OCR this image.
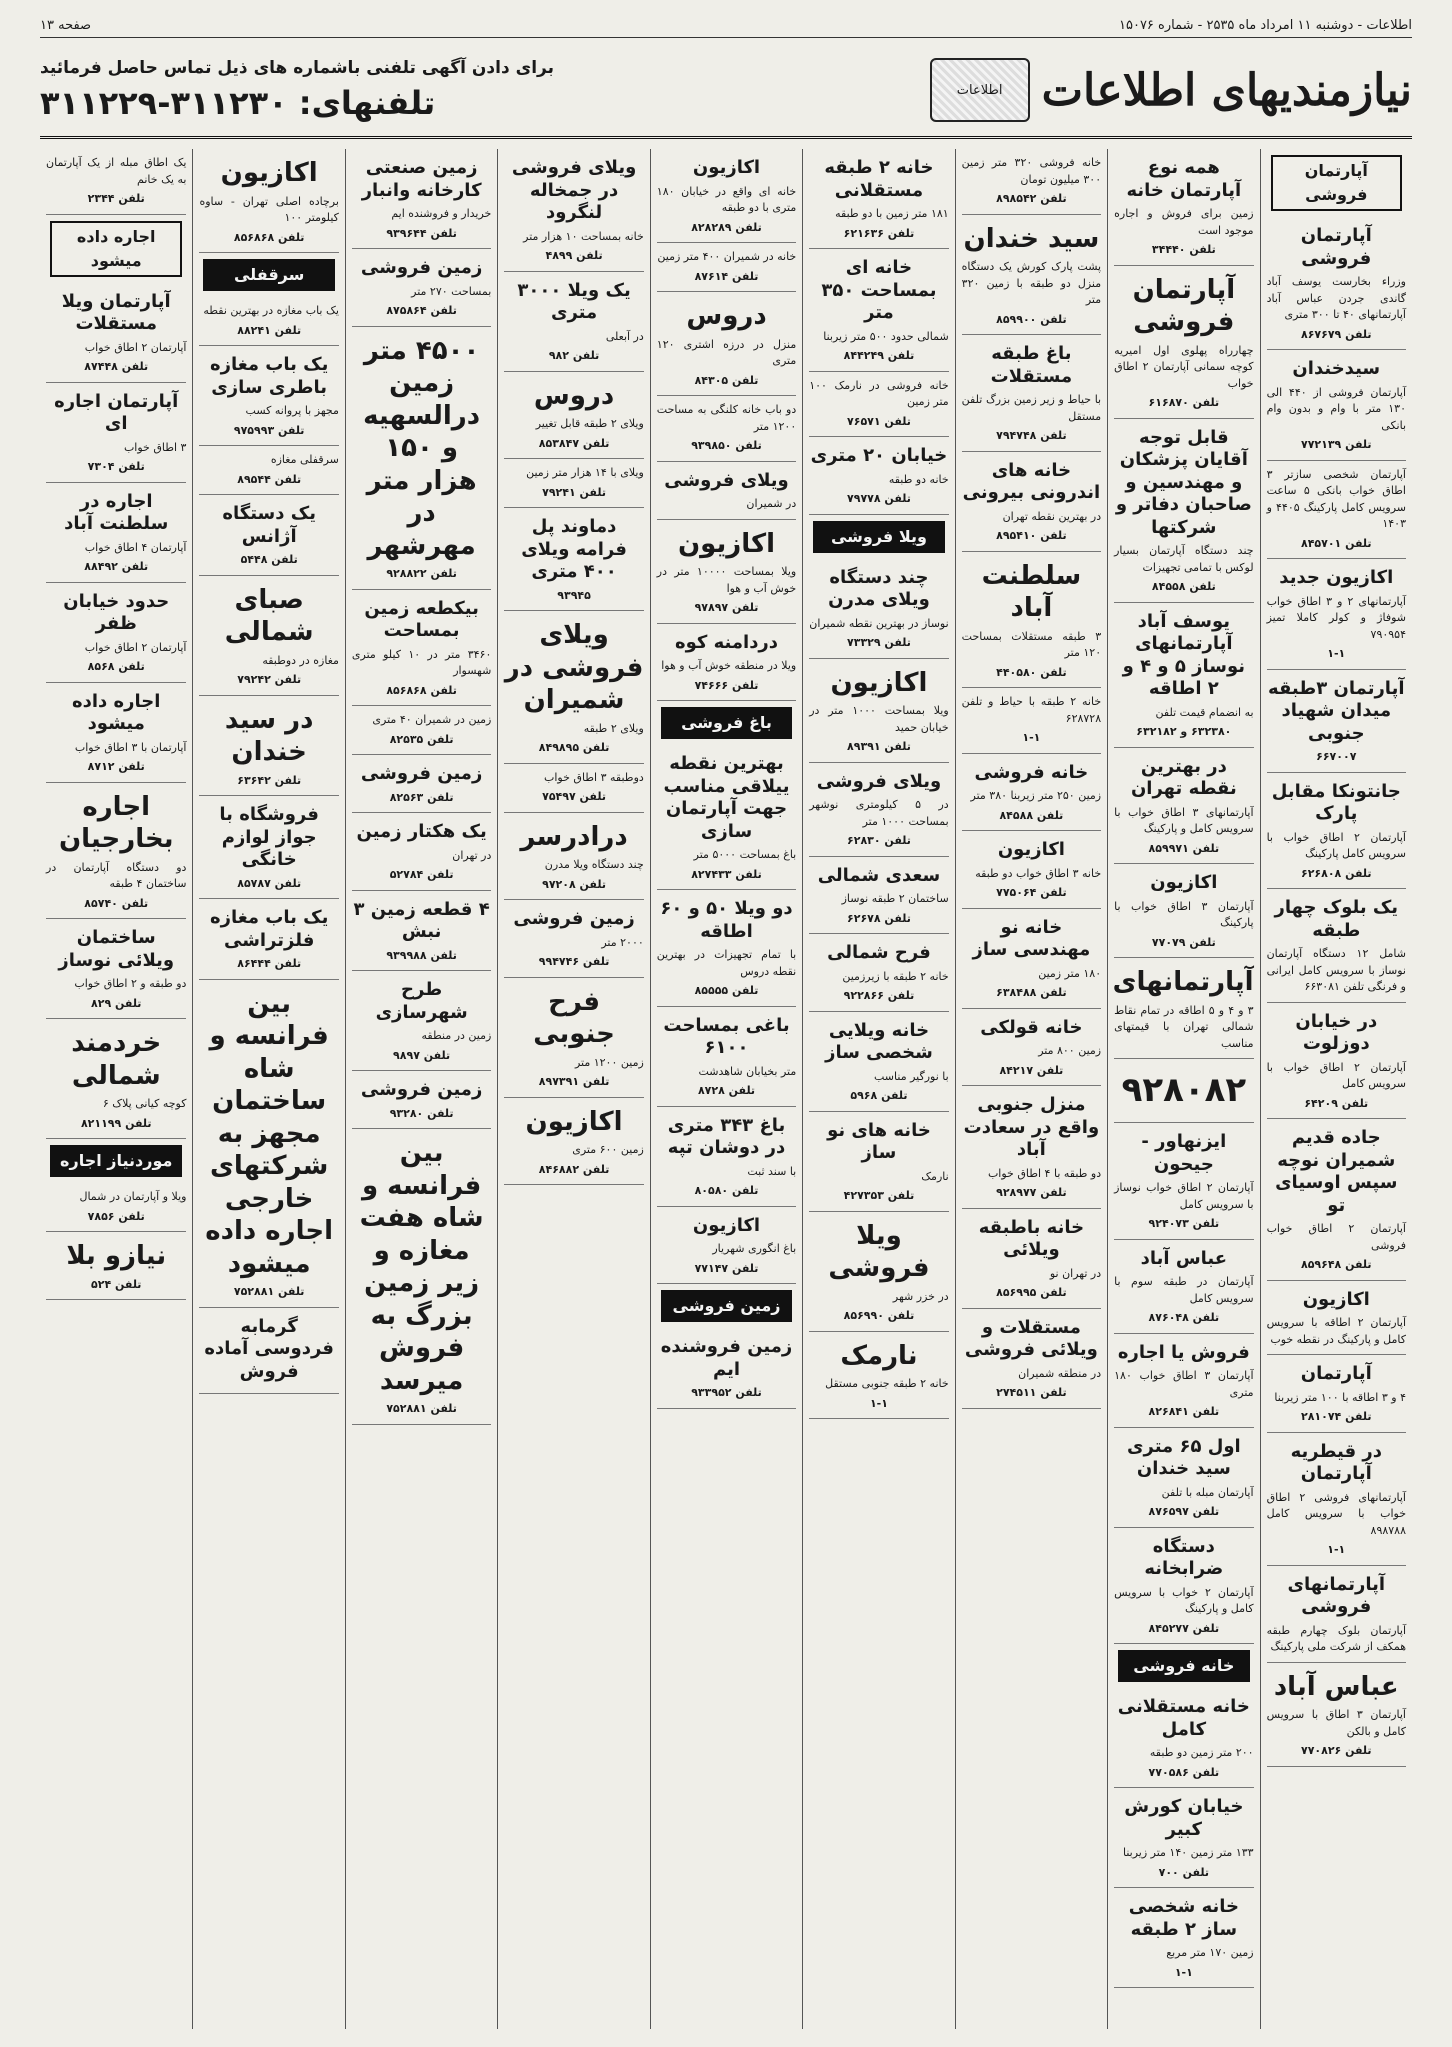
اطلاعات - دوشنبه ۱۱ امرداد ماه ۲۵۳۵ - شماره ۱۵۰۷۶
صفحه ۱۳
نیازمندیهای اطلاعات
اطلاعات
برای دادن آگهی تلفنی باشماره های ذیل تماس حاصل فرمائید
تلفنهای: ۳۱۱۲۳۰-۳۱۱۲۲۹
آپارتمان فروشی
آپارتمان فروشی
وزراء بخارست یوسف آباد گاندی جردن عباس آباد آپارتمانهای ۴۰ تا ۳۰۰ متری
تلفن ۸۶۷۶۷۹
سیدخندان
آپارتمان فروشی از ۴۴۰ الی ۱۳۰ متر با وام و بدون وام بانکی
تلفن ۷۷۲۱۳۹
آپارتمان شخصی سازتر ۳ اطاق خواب بانکی ۵ ساعت سرویس کامل پارکینگ ۴۴۰۵ و ۱۴۰۳
تلفن ۸۴۵۷۰۱
اکازیون جدید
آپارتمانهای ۲ و ۳ اطاق خواب شوفاژ و کولر کاملا تمیز ۷۹۰۹۵۴
۱-۱
آپارتمان ۳طبقه میدان شهیاد جنوبی
۶۶۷۰۰۷
جانتونکا مقابل پارک
آپارتمان ۲ اطاق خواب با سرویس کامل پارکینگ
تلفن ۶۲۶۸۰۸
یک بلوک چهار طبقه
شامل ۱۲ دستگاه آپارتمان نوساز با سرویس کامل ایرانی و فرنگی تلفن ۶۶۳۰۸۱
در خیابان دوزلوت
آپارتمان ۲ اطاق خواب با سرویس کامل
تلفن ۶۴۲۰۹
جاده قدیم شمیران نوچه سپس اوسیای تو
آپارتمان ۲ اطاق خواب فروشی
تلفن ۸۵۹۶۴۸
اکازیون
آپارتمان ۲ اطاقه با سرویس کامل و پارکینگ در نقطه خوب
آپارتمان
۴ و ۳ اطاقه با ۱۰۰ متر زیربنا
تلفن ۲۸۱۰۷۴
در قیطریه آپارتمان
آپارتمانهای فروشی ۲ اطاق خواب با سرویس کامل ۸۹۸۷۸۸
۱-۱
آپارتمانهای فروشی
آپارتمان بلوک چهارم طبقه همکف از شرکت ملی پارکینگ
عباس آباد
آپارتمان ۳ اطاق با سرویس کامل و بالکن
تلفن ۷۷۰۸۲۶
همه نوع آپارتمان خانه
زمین برای فروش و اجاره موجود است
تلفن ۳۴۴۴۰
آپارتمان فروشی
چهارراه پهلوی اول امیریه کوچه سمانی آپارتمان ۲ اطاق خواب
تلفن ۶۱۶۸۷۰
قابل توجه آقایان پزشکان و مهندسین و صاحبان دفاتر و شرکتها
چند دستگاه آپارتمان بسیار لوکس با تمامی تجهیزات
تلفن ۸۴۵۵۸
یوسف آباد آپارتمانهای نوساز ۵ و ۴ و ۲ اطاقه
به انضمام قیمت تلفن
۶۳۲۳۸۰ و ۶۳۲۱۸۲
در بهترین نقطه تهران
آپارتمانهای ۳ اطاق خواب با سرویس کامل و پارکینگ
تلفن ۸۵۹۹۷۱
اکازیون
آپارتمان ۳ اطاق خواب با پارکینگ
تلفن ۷۷۰۷۹
آپارتمانهای
۳ و ۴ و ۵ اطاقه در تمام نقاط شمالی تهران با قیمتهای مناسب
۹۲۸۰۸۲
ایزنهاور - جیحون
آپارتمان ۲ اطاق خواب نوساز با سرویس کامل
تلفن ۹۲۴۰۷۳
عباس آباد
آپارتمان در طبقه سوم با سرویس کامل
تلفن ۸۷۶۰۴۸
فروش یا اجاره
آپارتمان ۳ اطاق خواب ۱۸۰ متری
تلفن ۸۲۶۸۴۱
اول ۶۵ متری سید خندان
آپارتمان مبله با تلفن
تلفن ۸۷۶۵۹۷
دستگاه ضرابخانه
آپارتمان ۲ خواب با سرویس کامل و پارکینگ
تلفن ۸۴۵۲۷۷
خانه فروشی
خانه مستقلانی کامل
۲۰۰ متر زمین دو طبقه
تلفن ۷۷۰۵۸۶
خیابان کورش کبیر
۱۳۳ متر زمین ۱۴۰ متر زیربنا
تلفن ۷۰۰
خانه شخصی ساز ۲ طبقه
زمین ۱۷۰ متر مربع
۱-۱
خانه فروشی ۳۲۰ متر زمین ۳۰۰ میلیون تومان
تلفن ۸۹۸۵۴۲
سید خندان
پشت پارک کورش یک دستگاه منزل دو طبقه با زمین ۳۲۰ متر
تلفن ۸۵۹۹۰۰
باغ طبقه مستقلات
با حیاط و زیر زمین بزرگ تلفن مستقل
تلفن ۷۹۴۷۴۸
خانه های اندرونی بیرونی
در بهترین نقطه تهران
تلفن ۸۹۵۴۱۰
سلطنت آباد
۳ طبقه مستقلات بمساحت ۱۲۰ متر
تلفن ۴۴۰۵۸۰
خانه ۲ طبقه با حیاط و تلفن ۶۲۸۷۲۸
۱-۱
خانه فروشی
زمین ۲۵۰ متر زیربنا ۳۸۰ متر
تلفن ۸۴۵۸۸
اکازیون
خانه ۳ اطاق خواب دو طبقه
تلفن ۷۷۵۰۶۴
خانه نو مهندسی ساز
۱۸۰ متر زمین
تلفن ۶۳۸۴۸۸
خانه قولکی
زمین ۸۰۰ متر
تلفن ۸۴۲۱۷
منزل جنوبی واقع در سعادت آباد
دو طبقه با ۴ اطاق خواب
تلفن ۹۲۸۹۷۷
خانه باطبقه ویلائی
در تهران نو
تلفن ۸۵۶۹۹۵
مستقلات و ویلائی فروشی
در منطقه شمیران
تلفن ۲۷۴۵۱۱
خانه ۲ طبقه مستقلانی
۱۸۱ متر زمین با دو طبقه
تلفن ۶۲۱۶۳۶
خانه ای بمساحت ۳۵۰ متر
شمالی حدود ۵۰۰ متر زیربنا
تلفن ۸۴۴۲۴۹
خانه فروشی در نارمک ۱۰۰ متر زمین
تلفن ۷۶۵۷۱
خیابان ۲۰ متری
خانه دو طبقه
تلفن ۷۹۷۷۸
ویلا فروشی
چند دستگاه ویلای مدرن
نوساز در بهترین نقطه شمیران
تلفن ۷۳۳۲۹
اکازیون
ویلا بمساحت ۱۰۰۰ متر در خیابان حمید
تلفن ۸۹۳۹۱
ویلای فروشی
در ۵ کیلومتری نوشهر بمساحت ۱۰۰۰ متر
تلفن ۶۲۸۳۰
سعدی شمالی
ساختمان ۲ طبقه نوساز
تلفن ۶۲۶۷۸
فرح شمالی
خانه ۲ طبقه با زیرزمین
تلفن ۹۲۲۸۶۶
خانه ویلایی شخصی ساز
با نورگیر مناسب
تلفن ۵۹۶۸
خانه های نو ساز
نارمک
تلفن ۴۲۷۳۵۳
ویلا فروشی
در خزر شهر
تلفن ۸۵۶۹۹۰
نارمک
خانه ۲ طبقه جنوبی مستقل
۱-۱
اکازیون
خانه ای واقع در خیابان ۱۸۰ متری با دو طبقه
تلفن ۸۲۸۲۸۹
خانه در شمیران ۴۰۰ متر زمین
تلفن ۸۷۶۱۴
دروس
منزل در درزه اشتری ۱۲۰ متری
تلفن ۸۴۳۰۵
دو باب خانه کلنگی به مساحت ۱۲۰۰ متر
تلفن ۹۳۹۸۵۰
ویلای فروشی
در شمیران
اکازیون
ویلا بمساحت ۱۰۰۰۰ متر در خوش آب و هوا
تلفن ۹۷۸۹۷
دردامنه کوه
ویلا در منطقه خوش آب و هوا
تلفن ۷۴۶۶۶
باغ فروشی
بهترین نقطه ییلاقی مناسب جهت آپارتمان سازی
باغ بمساحت ۵۰۰۰ متر
تلفن ۸۲۷۴۳۳
دو ویلا ۵۰ و ۶۰ اطاقه
با تمام تجهیزات در بهترین نقطه دروس
تلفن ۸۵۵۵۵
باغی بمساحت ۶۱۰۰
متر بخیابان شاهدشت
تلفن ۸۷۲۸
باغ ۳۴۳ متری در دوشان تپه
با سند ثبت
تلفن ۸۰۵۸۰
اکازیون
باغ انگوری شهریار
تلفن ۷۷۱۴۷
زمین فروشی
زمین فروشنده ایم
تلفن ۹۳۳۹۵۲
ویلای فروشی در جمخاله لنگرود
خانه بمساحت ۱۰ هزار متر
تلفن ۴۸۹۹
یک ویلا ۳۰۰۰ متری
در آبعلی
تلفن ۹۸۲
دروس
ویلای ۲ طبقه قابل تغییر
تلفن ۸۵۳۸۴۷
ویلای با ۱۴ هزار متر زمین
تلفن ۷۹۲۴۱
دماوند پل فرامه ویلای ۴۰۰ متری
۹۳۹۴۵
ویلای فروشی در شمیران
ویلای ۲ طبقه
تلفن ۸۴۹۸۹۵
دوطبقه ۳ اطاق خواب
تلفن ۷۵۴۹۷
درادرسر
چند دستگاه ویلا مدرن
تلفن ۹۷۲۰۸
زمین فروشی
۲۰۰۰ متر
تلفن ۹۹۴۷۴۶
فرح جنوبی
زمین ۱۲۰۰ متر
تلفن ۸۹۷۳۹۱
اکازیون
زمین ۶۰۰ متری
تلفن ۸۴۶۸۸۲
زمین صنعتی کارخانه وانبار
خریدار و فروشنده ایم
تلفن ۹۳۹۶۴۴
زمین فروشی
بمساحت ۲۷۰ متر
تلفن ۸۷۵۸۶۴
۴۵۰۰ متر زمین درالسهیه و ۱۵۰ هزار متر در مهرشهر
تلفن ۹۲۸۸۲۲
بیکطعه زمین بمساحت
۳۴۶۰ متر در ۱۰ کیلو متری شهسوار
تلفن ۸۵۶۸۶۸
زمین در شمیران ۴۰ متری
تلفن ۸۲۵۳۵
زمین فروشی
تلفن ۸۲۵۶۳
یک هکتار زمین
در تهران
تلفن ۵۲۷۸۴
۴ قطعه زمین ۳ نبش
تلفن ۹۳۹۹۸۸
طرح شهرسازی
زمین در منطقه
تلفن ۹۸۹۷
زمین فروشی
تلفن ۹۳۲۸۰
بین فرانسه و شاه هفت مغازه و زیر زمین بزرگ به فروش میرسد
تلفن ۷۵۲۸۸۱
اکازیون
برچاده اصلی تهران - ساوه کیلومتر ۱۰۰
تلفن ۸۵۶۸۶۸
سرقفلی
یک باب مغازه در بهترین نقطه
تلفن ۸۸۲۴۱
یک باب مغازه باطری سازی
مجهز با پروانه کسب
تلفن ۹۷۵۹۹۳
سرقفلی مغازه
تلفن ۸۹۵۴۴
یک دستگاه آژانس
تلفن ۵۴۴۸
صبای شمالی
مغازه در دوطبقه
تلفن ۷۹۲۴۲
در سید خندان
تلفن ۶۳۶۴۲
فروشگاه با جواز لوازم خانگی
تلفن ۸۵۷۸۷
یک باب مغازه فلزتراشی
تلفن ۸۶۴۴۴
بین فرانسه و شاه ساختمان مجهز به شرکتهای خارجی اجاره داده میشود
تلفن ۷۵۲۸۸۱
گرمابه فردوسی آماده فروش
یک اطاق مبله از یک آپارتمان به یک خانم
تلفن ۲۳۴۴
اجاره داده میشود
آپارتمان ویلا مستقلات
آپارتمان ۲ اطاق خواب
تلفن ۸۷۴۴۸
آپارتمان اجاره ای
۳ اطاق خواب
تلفن ۷۳۰۴
اجاره در سلطنت آباد
آپارتمان ۴ اطاق خواب
تلفن ۸۸۴۹۲
حدود خیابان ظفر
آپارتمان ۲ اطاق خواب
تلفن ۸۵۶۸
اجاره داده میشود
آپارتمان با ۳ اطاق خواب
تلفن ۸۷۱۲
اجاره بخارجیان
دو دستگاه آپارتمان در ساختمان ۴ طبقه
تلفن ۸۵۷۴۰
ساختمان ویلائی نوساز
دو طبقه و ۲ اطاق خواب
تلفن ۸۲۹
خردمند شمالی
کوچه کیانی پلاک ۶
تلفن ۸۲۱۱۹۹
موردنیاز اجاره
ویلا و آپارتمان در شمال
تلفن ۷۸۵۶
نیازو بلا
تلفن ۵۲۴
